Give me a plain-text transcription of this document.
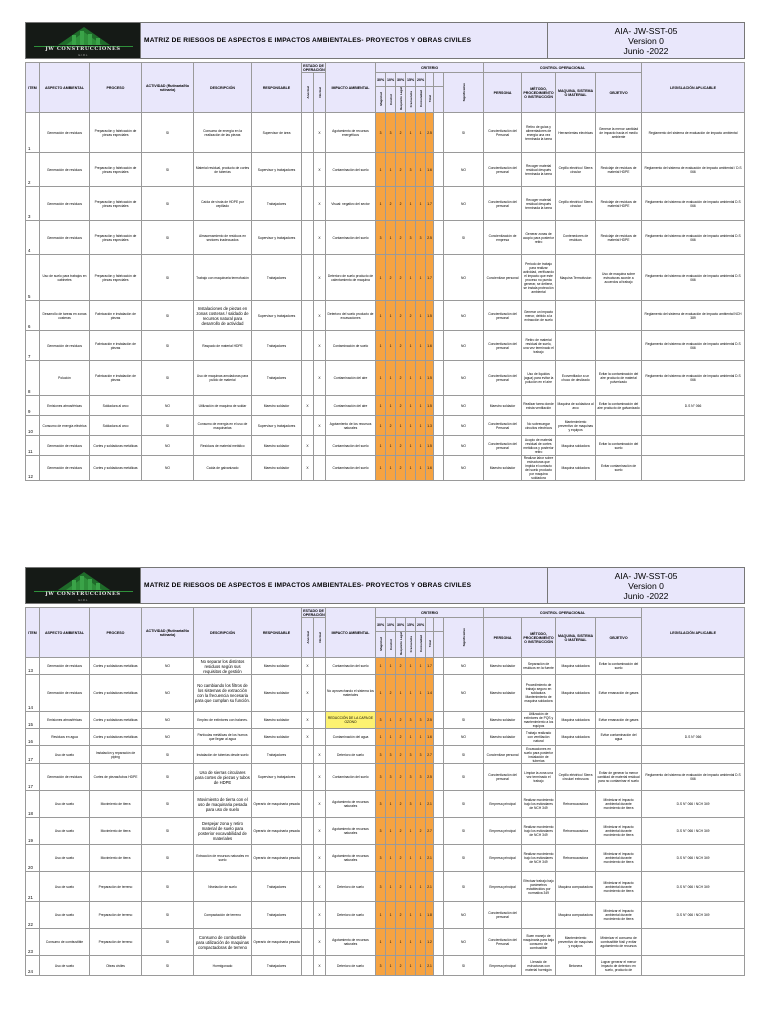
JW CONSTRUCCIONES
E.I.R.L
MATRIZ DE RIESGOS DE ASPECTOS E IMPACTOS AMBIENTALES- PROYECTOS Y OBRAS CIVILES
AIA- JW-SST-05
Version 0
Junio -2022
ITEM	ASPECTO AMBIENTAL	PROCESO	ACTIVIDAD (Rutinaria/No rutinaria)	DESCRIPCIÓN	RESPONSABLE	ESTADO DE OPERACIÓN		IMPACTO AMBIENTAL	CRITERIO								CONTROL OPERACIONAL				LEGISLACIÓN APLICABLE
						Anormal	Normal		30%	10%	30%	15%	20%			Significativo	PERSONA	MÉTODO, PROCEDIMIENTO O INSTRUCCIÓN	MAQUINA, SISTEMA O MATERIAL	OBJETIVO	
									Magnitud	Control	Requisito Legal	Frecuencia	Comunidad	Total							
1	Generación de residuos	Preparación y fabricación de piezas especiales	SI	Consumo de energía en la realización de las piezas	Supervisor de área		X	Agotamiento de recursos energéticos	3	3	2	1	1	2.5		SI	Concientización del Personal	Retiro de guias y alimentadores de energia una vez terminada la tarea	Herramientas electricas	Generar la menor cantidad de impacto hacia el medio ambiente	Reglamento del sistema de evaluación de impacto ambiental
2	Generación de residuos	Preparación y fabricación de piezas especiales	SI	Material residual, producto de cortes de tuberías	Supervisor y trabajadores		X	Contaminación del suelo	1	1	2	3	1	1.6		NO	Concientización del personal	Recoger material residual después terminada la tarea	Cepillo electrico/ Sierra circular	Reciclaje de residuos de material HDPE	Reglamento del sistema de evaluación de impacto ambiental / D.S 066
3	Generación de residuos	Preparación y fabricación de piezas especiales	SI	Caída de viruta de HDPE por cepillado	Trabajadores		X	Visual: negativo del sector	1	2	2	1	1	1.7		NO	Concientización del personal	Recoger material residual después terminada la tarea	Cepillo electrico/ Sierra circular	Reciclaje de residuos de material HDPE	Reglamento del sistema de evaluación de impacto ambiental D.S 066
4	Generación de residuos	Preparación y fabricación de piezas especiales	SI	Almacenamiento de residuos en sectores inadecuados	Supervisor y trabajadores		X	Contaminación del suelo	3	1	2	3	3	2.5		SI	Concientización de empresa	Generar zonas de acopio para posterior retiro	Contenedores de residuos	Reciclaje de residuos de material HDPE	Reglamento del sistema de evaluación de impacto ambiental D.S 066
5	Uso de suelo para trabajos en cabinetes	Preparación y fabricación de piezas especiales	SI	Trabajo con maquinaria termofusión	Trabajadores		X	Deterioro de suelo producto de calentamiento de maquina	1	2	2	1	1	1.7		NO	Concientizar personal	Periodo de trabajo para realizar actividad, verificando el impacto que este proceso no pueda generar, se detiene, se instala protección ambiental	Maquina Termofusion	Uso de maquina sobre estructuras acorde a acuerdos al trabajo	Reglamento del sistema de evaluación de impacto ambiental D.S 066
6	Desarrollo de tareas en zonas costeras	Fabricación e instalación de piezas	SI	Instalaciones de piezas en zonas costeras / saldado de recursos natural para desarrollo de actividad	Supervisor y trabajadores		X	Deterioro del suelo producto de excavaciones	1	1	2	2	1	1.5		NO	Concientización del personal	Generar un impacto menor, debido a la extracción de suelo			Reglamento del sistema de evaluación de impacto ambiental NCH 389
7	Generación de residuos	Fabricación e instalación de piezas	SI	Raspado de material HDPE	Trabajadores		X	Contaminación de suelo	1	1	2	1	1	1.6		NO	Concientización del personal	Retiro de material residual de suelo, una vez terminado el trabajo			Reglamento del sistema de evaluación de impacto ambiental D.S 066
8	Polución	Fabricación e instalación de piezas	SI	Uso de maquinas amoladoras para pulido de material	Trabajadores		X	Contaminación del aire	1	1	2	1	1	1.5		NO	Concientización del personal	Uso de liquidos (agua) para evitar la polución en el aire	Ecoventilador a un chuco de deslizado	Evitar la contaminación del aire producto de material pulverizado	Reglamento del sistema de evaluación de impacto ambiental D.S 066
9	Emisiones atmosféricas	Soldadura al arco	NO	Utilización de maquina de soldar	Maestro soldador	X		Contaminación del aire	1	1	2	1	1	1.5		NO	Maestro soldador	Realizar tarea donde exista ventilación	Maquina de soldadura al arco	Evitar la contaminación del aire producto de galvanizado	D.S N° 066
10	Consumo de energía eléctrica	Soldadura al arco	SI	Consumo de energía en el uso de maquinarias	Supervisor y trabajadores		X	Agotamiento de los recursos naturales	1	2	1	1	1	1.3		NO	Concientización del Personal	No sobrecargar circuitos electricos	Mantenimiento preventivo de maquinas y equipos		
11	Generación de residuos	Cortes y soldaduras metálicas	NO	Residuos de material metálico	Maestro soldador	X		Contaminación del suelo	1	1	2	1	1	1.5		NO	Concientización del personal	Acopio de material residual de cortes metálicos y posterior retiro	Maquina soldadora	Evitar la contaminación del suelo	
12	Generación de residuos	Cortes y soldaduras metálicas	NO	Caída de galvanizado	Maestro soldador	X		Contaminación del suelo	1	1	2	1	1	1.6		NO	Maestro soldador	Realizar labor sobre estructuras que impida el contacto del suelo producto por maquina soldadora	Maquina soldadora	Evitar contaminación de suelo	
JW CONSTRUCCIONES
E.I.R.L
MATRIZ DE RIESGOS DE ASPECTOS E IMPACTOS AMBIENTALES- PROYECTOS Y OBRAS CIVILES
AIA- JW-SST-05
Version 0
Junio -2022
ITEM	ASPECTO AMBIENTAL	PROCESO	ACTIVIDAD (Rutinaria/No rutinaria)	DESCRIPCIÓN	RESPONSABLE	ESTADO DE OPERACIÓN		IMPACTO AMBIENTAL	CRITERIO								CONTROL OPERACIONAL				LEGISLACIÓN APLICABLE
						Anormal	Normal		30%	10%	30%	15%	20%			Significativo	PERSONA	MÉTODO, PROCEDIMIENTO O INSTRUCCIÓN	MAQUINA, SISTEMA O MATERIAL	OBJETIVO	
									Magnitud	Control	Requisito Legal	Frecuencia	Comunidad	Total							
13	Generación de residuos	Cortes y soldaduras metálicas	NO	No separar los distintos residuos según sus requisitos de gestión	Maestro soldador	X		Contaminación del suelo	1	1	2	1	1	1.7		NO	Maestro soldador	Separación de residuos en la fuente	Maquina soldadora	Evitar la contaminación del suelo	
14	Generación de residuos	Cortes y soldaduras metálicas	NO	No cambiando los filtros de los sistemas de extracción con la frecuencia necesaria para que cumplan su función.	Maestro soldador	X		No aprovechando el sistema los materiales	1	2	1	1	1	1.4		NO	Maestro soldador	Procedimiento de trabajo seguro en soldadura. Mantenimiento de maquina soldadora	Maquina soldadora	Evitar emanación de gases	
15	Emisiones atmosféricas	Cortes y soldaduras metálicas	NO	Empleo de extintores con halones.	Maestro soldador	X		REDUCCIÓN DE LA CAPA DE OZONO	3	1	2	3	3	2.5		SI	Maestro soldador	Utilización de extintores de PQS y mantenimiento a los equipos	Maquina soldadora	Evitar emanación de gases	
16	Residuos en agua	Cortes y soldaduras metálicas	NO	Partículas metálicas de los humos que llegan al agua	Maestro soldador	X		Contaminación del agua	1	1	2	1	1	1.6		NO	Maestro soldador	Trabajo realizado con ventilación natural	Maquina soldadora	Evitar contaminación del agua	D.S N° 066
17	Uso de suelo	Instalación y reparación de piping	SI	Instalación de tuberías desde suelo	Trabajadores		X	Deterioro de suelo	3	3	2	3	3	2.7		SI	Concientizar personal	Excavaciones en suelo para posterior instalación de tuberías			
17	Generación de residuos	Cortes de piezas/tubos HDPE	SI	Uso de sierras circulares para cortes de piezas y tubos de HDPE	Supervisor y trabajadores		X	Contaminación del suelo	3	3	2	3	3	2.5		SI	Concientización del personal	Limpiar la zona una vez terminado el trabajo	Cepillo eléctrico/ Sierra circular/ extrusora	Evitar de generar la menor cantidad de material residual para no contaminar el suelo	Reglamento del sistema de evaluación de impacto ambiental D.S 066
18	Uso de suelo	Movimiento de tierra	SI	Movimiento de tierra con el uso de maquinaria pesada para uso de suelo	Operario de maquinaria pesada		X	Agotamiento de recursos naturales	3	1	2	3	1	2.1		SI	Empresa principal	Realizar movimiento bajo los estándares de NCH 349	Retroexcavadora	Minimizar el impacto ambiental durante movimiento de tierra	D.S N° 066 / NCH 349
19	Uso de suelo	Movimiento de tierra	SI	Despejar zona y retiro material de suelo para posterior excavabilidad de materiales	Operario de maquinaria pesada		X	Agotamiento de recursos naturales	3	1	2	1	2	2.7		SI	Empresa principal	Realizar movimiento bajo los estándares de NCH 349	Retroexcavadora	Minimizar el impacto ambiental durante movimiento de tierra	D.S N° 066 / NCH 349
20	Uso de suelo	Movimiento de tierra	SI	Extracción de recursos naturales en suelo	Operario de maquinaria pesada		X	Agotamiento de recursos naturales	3	1	2	1	1	2.1		SI	Empresa principal	Realizar movimiento bajo los estándares de NCH 349	Retroexcavadora	Minimizar el impacto ambiental durante movimiento de tierra	D.S N° 066 / NCH 349
21	Uso de suelo	Preparación de terreno	SI	Nivelación de suelo	Trabajadores		X	Deterioro de suelo	3	1	2	1	1	2.1		SI	Empresa principal	Efectuar trabajo bajo parámetros establecidos por normativa 349	Maquina compactadora	Minimizar el impacto ambiental durante movimiento de tierra	D.S N° 066 / NCH 349
22	Uso de suelo	Preparación de terreno	SI	Compactación de terreno	Trabajadores		X	Deterioro de suelo	1	1	2	1	1	1.8		NO	Concientización del personal		Maquina compactadora	Minimizar el impacto ambiental durante movimiento de tierra	D.S N° 066 / NCH 349
23	Consumo de combustible	Preparación de terreno	SI	Consumo de combustible para utilización de maquinas compactadoras de terreno	Operario de maquinaria pesada		X	Agotamiento de recursos naturales	1	1	1	1	1	1.2		NO	Concientización del Personal	Buen manejo de maquinaria para bajo consumo de combustible	Mantenimiento preventivo de maquinas y equipos	Minimizar el consumo de combustible fósil y evitar agotamiento de recursos	
24	Uso de suelo	Obras civiles	SI	Hormigonado	Trabajadores		X	Deterioro de suelo	3	1	2	1	1	2.1		SI	Empresa principal	Llenado de estructuras con material hormigón	Betonera	Lograr generar el menor impacto de deterioro en suelo, producto de	
